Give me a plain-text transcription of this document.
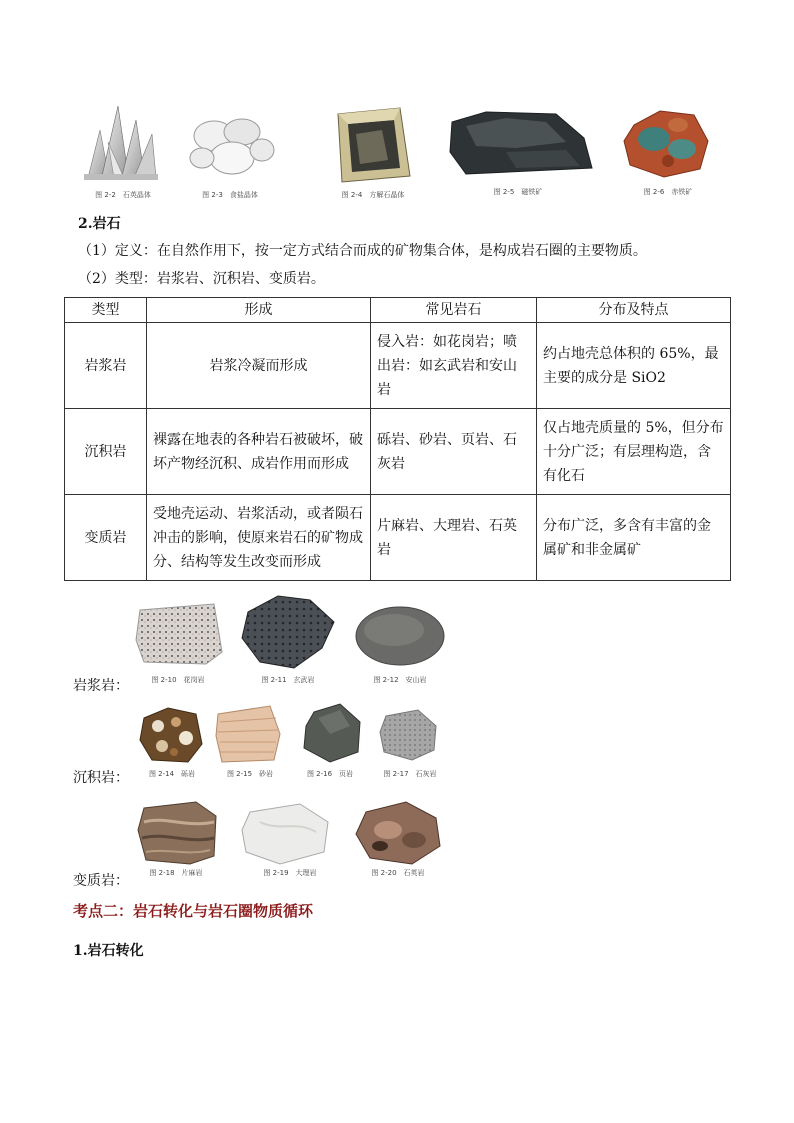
图 2-2　石英晶体	图 2-3　食盐晶体	图 2-4　方解石晶体	图 2-5　磁铁矿	图 2-6　赤铁矿
2.岩石
（1）定义：在自然作用下，按一定方式结合而成的矿物集合体，是构成岩石圈的主要物质。
（2）类型：岩浆岩、沉积岩、变质岩。
类型	形成	常见岩石	分布及特点
岩浆岩	岩浆冷凝而形成	侵入岩：如花岗岩；喷出岩：如玄武岩和安山岩	约占地壳总体积的 65%，最主要的成分是 SiO2
沉积岩	裸露在地表的各种岩石被破坏，破坏产物经沉积、成岩作用而形成	砾岩、砂岩、页岩、石灰岩	仅占地壳质量的 5%，但分布十分广泛；有层理构造，含有化石
变质岩	受地壳运动、岩浆活动，或者陨石冲击的影响，使原来岩石的矿物成分、结构等发生改变而形成	片麻岩、大理岩、石英岩	分布广泛，多含有丰富的金属矿和非金属矿
图 2-10　花岗岩	图 2-11　玄武岩	图 2-12　安山岩
岩浆岩：
图 2-14　砾岩	图 2-15　砂岩	图 2-16　页岩	图 2-17　石灰岩
沉积岩：
图 2-18　片麻岩	图 2-19　大理岩	图 2-20　石英岩
变质岩：
考点二：岩石转化与岩石圈物质循环
1.岩石转化
